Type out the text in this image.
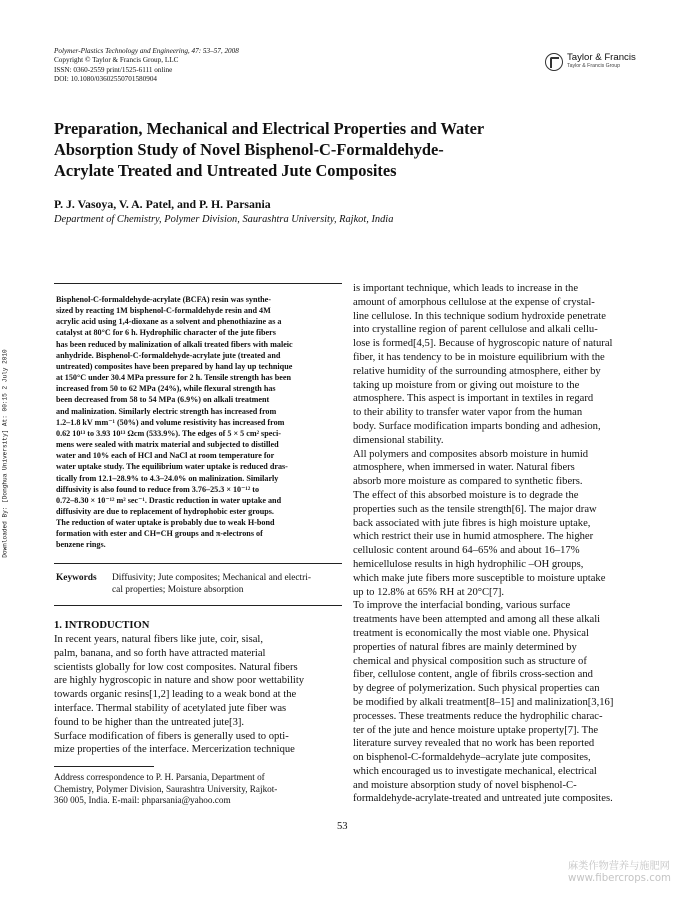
Polymer-Plastics Technology and Engineering, 47: 53–57, 2008
Copyright © Taylor & Francis Group, LLC
ISSN: 0360-2559 print/1525-6111 online
DOI: 10.1080/03602550701580904
Taylor & Francis
Taylor & Francis Group
Preparation, Mechanical and Electrical Properties and Water
Absorption Study of Novel Bisphenol-C-Formaldehyde-
Acrylate Treated and Untreated Jute Composites
P. J. Vasoya, V. A. Patel, and P. H. Parsania
Department of Chemistry, Polymer Division, Saurashtra University, Rajkot, India
Downloaded By: [Donghua University] At: 00:15 2 July 2010
Bisphenol-C-formaldehyde-acrylate (BCFA) resin was synthe-
sized by reacting 1M bisphenol-C-formaldehyde resin and 4M
acrylic acid using 1,4-dioxane as a solvent and phenothiazine as a
catalyst at 80°C for 6 h. Hydrophilic character of the jute fibers
has been reduced by malinization of alkali treated fibers with maleic
anhydride. Bisphenol-C-formaldehyde-acrylate jute (treated and
untreated) composites have been prepared by hand lay up technique
at 150°C under 30.4 MPa pressure for 2 h. Tensile strength has been
increased from 50 to 62 MPa (24%), while flexural strength has
been decreased from 58 to 54 MPa (6.9%) on alkali treatment
and malinization. Similarly electric strength has increased from
1.2–1.8 kV mm⁻¹ (50%) and volume resistivity has increased from
0.62 10¹³ to 3.93 10¹³ Ωcm (533.9%). The edges of 5 × 5 cm² speci-
mens were sealed with matrix material and subjected to distilled
water and 10% each of HCl and NaCl at room temperature for
water uptake study. The equilibrium water uptake is reduced dras-
tically from 12.1–28.9% to 4.3–24.0% on malinization. Similarly
diffusivity is also found to reduce from 3.76–25.3 × 10⁻¹² to
0.72–8.30 × 10⁻¹² m² sec⁻¹. Drastic reduction in water uptake and
diffusivity are due to replacement of hydrophobic ester groups.
The reduction of water uptake is probably due to weak H-bond
formation with ester and CH=CH groups and π-electrons of
benzene rings.
Keywords Diffusivity; Jute composites; Mechanical and electri-
cal properties; Moisture absorption
1. INTRODUCTION
In recent years, natural fibers like jute, coir, sisal,
palm, banana, and so forth have attracted material
scientists globally for low cost composites. Natural fibers
are highly hygroscopic in nature and show poor wettability
towards organic resins[1,2] leading to a weak bond at the
interface. Thermal stability of acetylated jute fiber was
found to be higher than the untreated jute[3].
Surface modification of fibers is generally used to opti-
mize properties of the interface. Mercerization technique
is important technique, which leads to increase in the
amount of amorphous cellulose at the expense of crystal-
line cellulose. In this technique sodium hydroxide penetrate
into crystalline region of parent cellulose and alkali cellu-
lose is formed[4,5]. Because of hygroscopic nature of natural
fiber, it has tendency to be in moisture equilibrium with the
relative humidity of the surrounding atmosphere, either by
taking up moisture from or giving out moisture to the
atmosphere. This aspect is important in textiles in regard
to their ability to transfer water vapor from the human
body. Surface modification imparts bonding and adhesion,
dimensional stability.
All polymers and composites absorb moisture in humid
atmosphere, when immersed in water. Natural fibers
absorb more moisture as compared to synthetic fibers.
The effect of this absorbed moisture is to degrade the
properties such as the tensile strength[6]. The major draw
back associated with jute fibres is high moisture uptake,
which restrict their use in humid atmosphere. The higher
cellulosic content around 64–65% and about 16–17%
hemicellulose results in high hydrophilic –OH groups,
which make jute fibers more susceptible to moisture uptake
up to 12.8% at 65% RH at 20°C[7].
To improve the interfacial bonding, various surface
treatments have been attempted and among all these alkali
treatment is economically the most viable one. Physical
properties of natural fibres are mainly determined by
chemical and physical composition such as structure of
fiber, cellulose content, angle of fibrils cross-section and
by degree of polymerization. Such physical properties can
be modified by alkali treatment[8–15] and malinization[3,16]
processes. These treatments reduce the hydrophilic charac-
ter of the jute and hence moisture uptake property[7]. The
literature survey revealed that no work has been reported
on bisphenol-C-formaldehyde–acrylate jute composites,
which encouraged us to investigate mechanical, electrical
and moisture absorption study of novel bisphenol-C-
formaldehyde-acrylate-treated and untreated jute composites.
Address correspondence to P. H. Parsania, Department of
Chemistry, Polymer Division, Saurashtra University, Rajkot-
360 005, India. E-mail: phparsania@yahoo.com
53
麻类作物营养与施肥网
www.fibercrops.com
